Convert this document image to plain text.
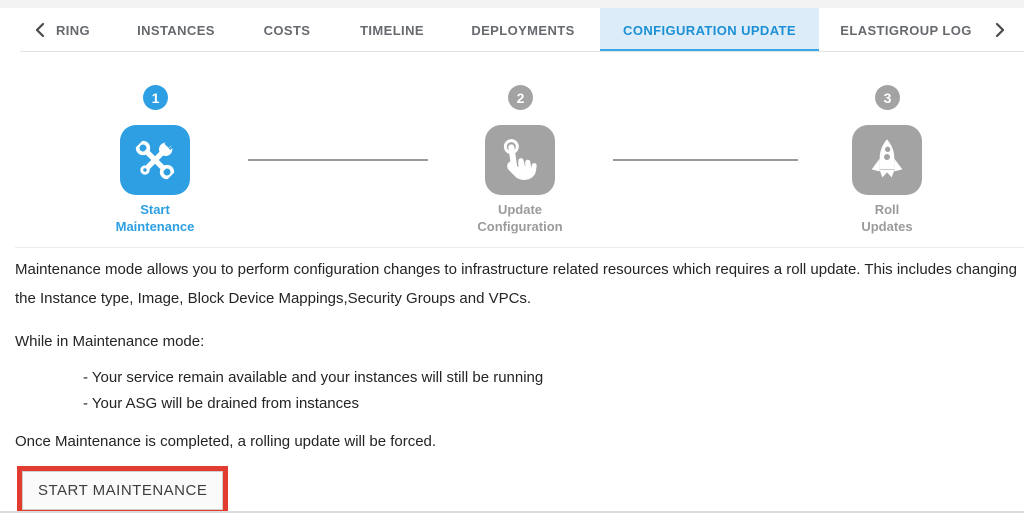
RING	INSTANCES	COSTS	TIMELINE	DEPLOYMENTS	CONFIGURATION UPDATE	ELASTIGROUP LOG
1
Start
Maintenance
2
Update
Configuration
3
Roll
Updates
Maintenance mode allows you to perform configuration changes to infrastructure related resources which requires a roll update. This includes changing
the Instance type, Image, Block Device Mappings,Security Groups and VPCs.
While in Maintenance mode:
- Your service remain available and your instances will still be running
- Your ASG will be drained from instances
Once Maintenance is completed, a rolling update will be forced.
START MAINTENANCE
